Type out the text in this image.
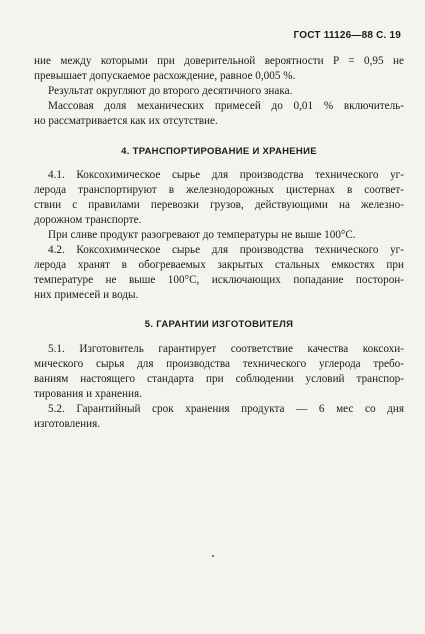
ГОСТ 11126—88 С. 19
ние между которыми при доверительной вероятности P = 0,95 не
превышает допускаемое расхождение, равное 0,005 %.
Результат округляют до второго десятичного знака.
Массовая доля механических примесей до 0,01 % включитель-
но рассматривается как их отсутствие.
4. ТРАНСПОРТИРОВАНИЕ И ХРАНЕНИЕ
4.1. Коксохимическое сырье для производства технического уг-
лерода транспортируют в железнодорожных цистернах в соответ-
ствии с правилами перевозки грузов, действующими на железно-
дорожном транспорте.
При сливе продукт разогревают до температуры не выше 100°С.
4.2. Коксохимическое сырье для производства технического уг-
лерода хранят в обогреваемых закрытых стальных емкостях при
температуре не выше 100°С, исключающих попадание посторон-
них примесей и воды.
5. ГАРАНТИИ ИЗГОТОВИТЕЛЯ
5.1. Изготовитель гарантирует соответствие качества коксохи-
мического сырья для производства технического углерода требо-
ваниям настоящего стандарта при соблюдении условий транспор-
тирования и хранения.
5.2. Гарантийный срок хранения продукта — 6 мес со дня
изготовления.
